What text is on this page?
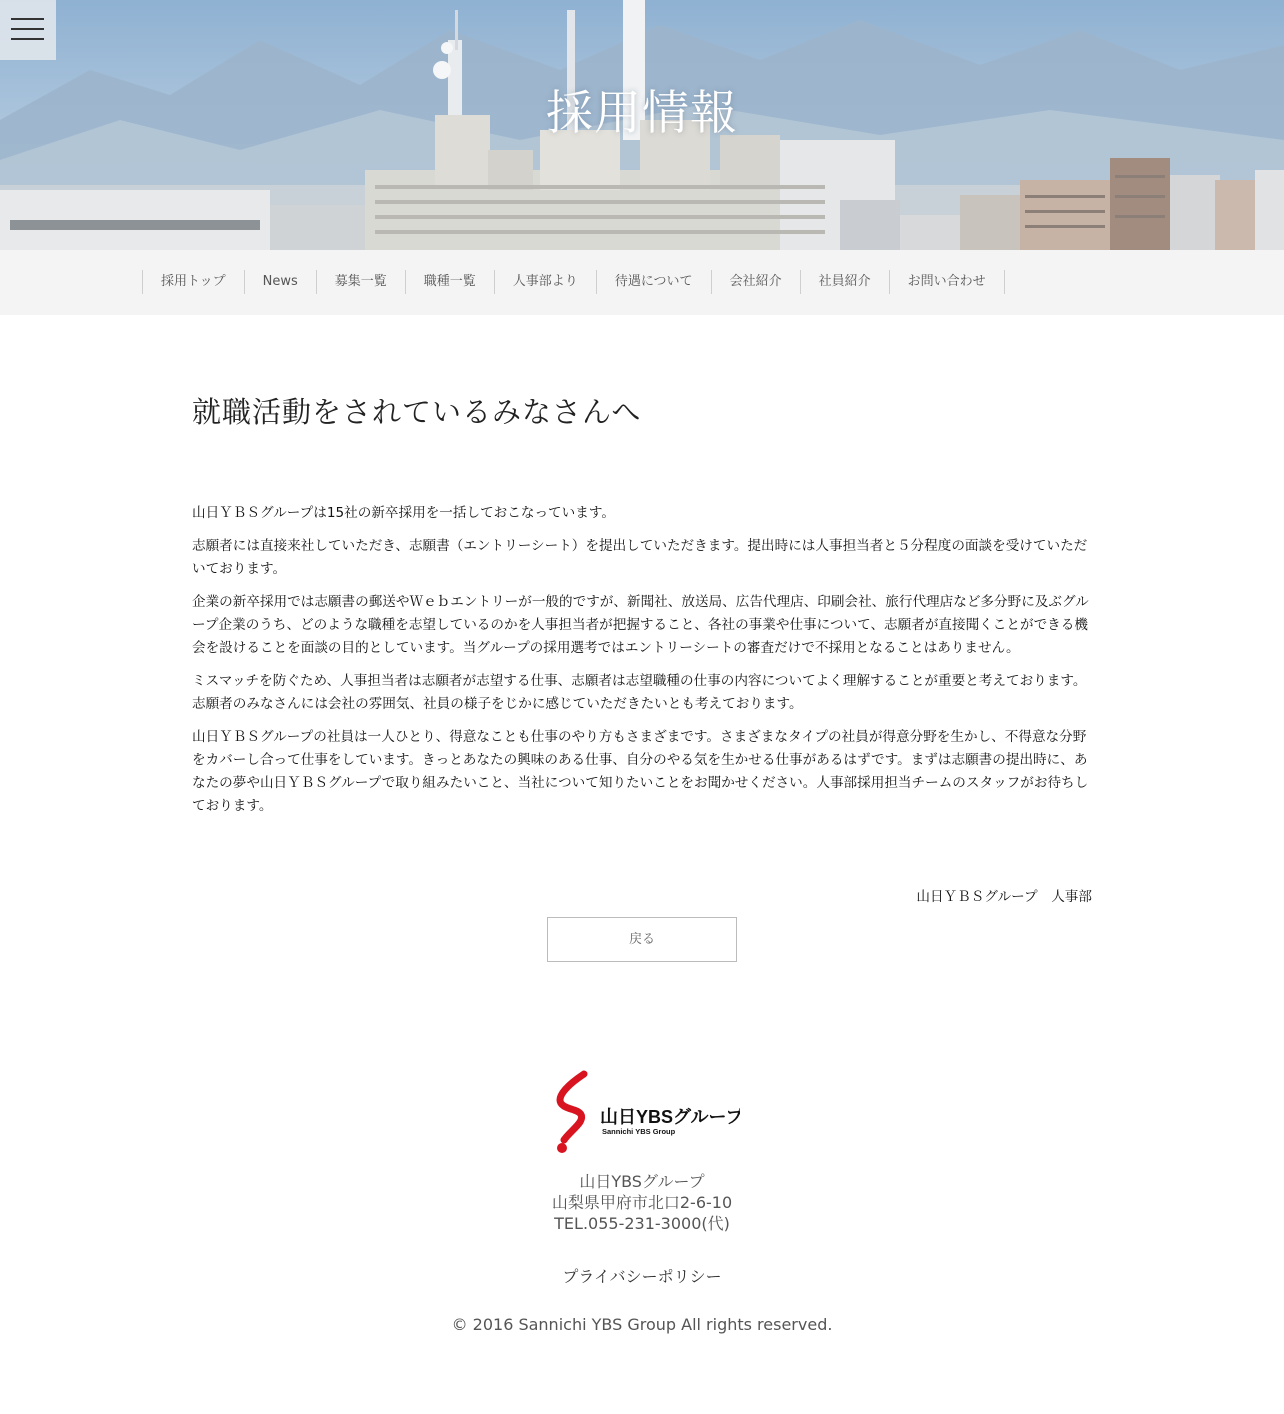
採用情報
採用トップ	News	募集一覧	職種一覧	人事部より	待遇について	会社紹介	社員紹介	お問い合わせ
就職活動をされているみなさんへ

山日ＹＢＳグループは15社の新卒採用を一括しておこなっています。

志願者には直接来社していただき、志願書（エントリーシート）を提出していただきます。提出時には人事担当者と５分程度の面談を受けていただいております。

企業の新卒採用では志願書の郵送やＷｅｂエントリーが一般的ですが、新聞社、放送局、広告代理店、印刷会社、旅行代理店など多分野に及ぶグループ企業のうち、どのような職種を志望しているのかを人事担当者が把握すること、各社の事業や仕事について、志願者が直接聞くことができる機会を設けることを面談の目的としています。当グループの採用選考ではエントリーシートの審査だけで不採用となることはありません。

ミスマッチを防ぐため、人事担当者は志願者が志望する仕事、志願者は志望職種の仕事の内容についてよく理解することが重要と考えております。志願者のみなさんには会社の雰囲気、社員の様子をじかに感じていただきたいとも考えております。

山日ＹＢＳグループの社員は一人ひとり、得意なことも仕事のやり方もさまざまです。さまざまなタイプの社員が得意分野を生かし、不得意な分野をカバーし合って仕事をしています。きっとあなたの興味のある仕事、自分のやる気を生かせる仕事があるはずです。まずは志願書の提出時に、あなたの夢や山日ＹＢＳグループで取り組みたいこと、当社について知りたいことをお聞かせください。人事部採用担当チームのスタッフがお待ちしております。

山日ＹＢＳグループ　人事部
戻る
山日YBSグループ
Sannichi YBS Group
山日YBSグループ
山梨県甲府市北口2-6-10
TEL.055-231-3000(代)
プライバシーポリシー
© 2016 Sannichi YBS Group All rights reserved.
